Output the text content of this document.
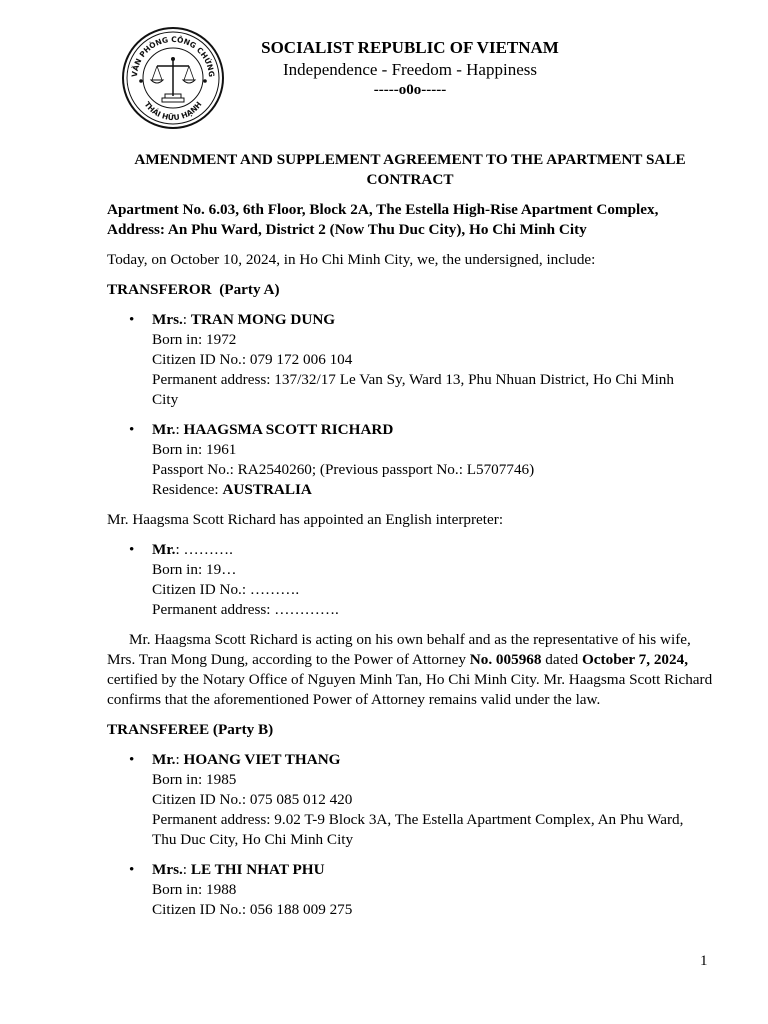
VĂN PHÒNG CÔNG CHỨNG
THÁI HỮU HẠNH
SOCIALIST REPUBLIC OF VIETNAM
Independence - Freedom - Happiness
-----o0o-----
AMENDMENT AND SUPPLEMENT AGREEMENT TO THE APARTMENT SALE
CONTRACT

Apartment No. 6.03, 6th Floor, Block 2A, The Estella High-Rise Apartment Complex,
Address: An Phu Ward, District 2 (Now Thu Duc City), Ho Chi Minh City

Today, on October 10, 2024, in Ho Chi Minh City, we, the undersigned, include:

TRANSFEROR  (Party A)
• Mrs.: TRAN MONG DUNG
Born in: 1972
Citizen ID No.: 079 172 006 104
Permanent address: 137/32/17 Le Van Sy, Ward 13, Phu Nhuan District, Ho Chi Minh
City
• Mr.: HAAGSMA SCOTT RICHARD
Born in: 1961
Passport No.: RA2540260; (Previous passport No.: L5707746)
Residence: AUSTRALIA

Mr. Haagsma Scott Richard has appointed an English interpreter:

• Mr.: ……….
Born in: 19…
Citizen ID No.: ……….
Permanent address: ………….

Mr. Haagsma Scott Richard is acting on his own behalf and as the representative of his wife, Mrs. Tran Mong Dung, according to the Power of Attorney No. 005968 dated October 7, 2024, certified by the Notary Office of Nguyen Minh Tan, Ho Chi Minh City. Mr. Haagsma Scott Richard confirms that the aforementioned Power of Attorney remains valid under the law.

TRANSFEREE (Party B)
• Mr.: HOANG VIET THANG
Born in: 1985
Citizen ID No.: 075 085 012 420
Permanent address: 9.02 T-9 Block 3A, The Estella Apartment Complex, An Phu Ward,
Thu Duc City, Ho Chi Minh City
• Mrs.: LE THI NHAT PHU
Born in: 1988
Citizen ID No.: 056 188 009 275
1
